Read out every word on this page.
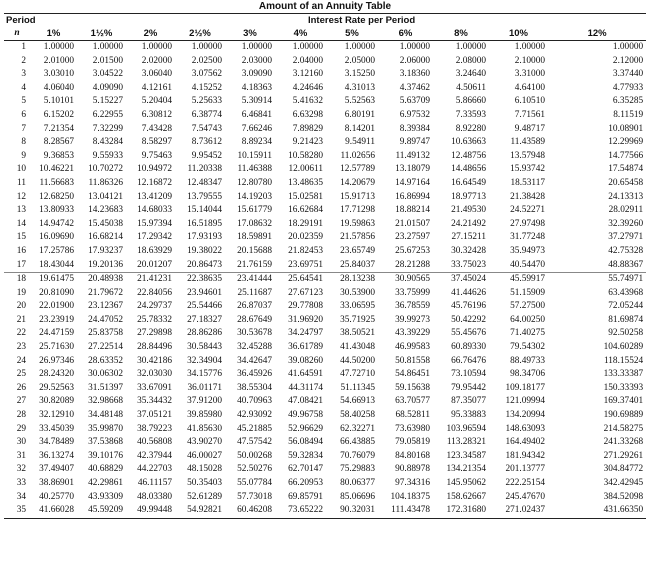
Amount of an Annuity Table
Period		Interest Rate per Period									
n	1%	1½%	2%	2½%	3%	4%	5%	6%	8%	10%	12%
1	1.00000	1.00000	1.00000	1.00000	1.00000	1.00000	1.00000	1.00000	1.00000	1.00000	1.00000
2	2.01000	2.01500	2.02000	2.02500	2.03000	2.04000	2.05000	2.06000	2.08000	2.10000	2.12000
3	3.03010	3.04522	3.06040	3.07562	3.09090	3.12160	3.15250	3.18360	3.24640	3.31000	3.37440
4	4.06040	4.09090	4.12161	4.15252	4.18363	4.24646	4.31013	4.37462	4.50611	4.64100	4.77933
5	5.10101	5.15227	5.20404	5.25633	5.30914	5.41632	5.52563	5.63709	5.86660	6.10510	6.35285
6	6.15202	6.22955	6.30812	6.38774	6.46841	6.63298	6.80191	6.97532	7.33593	7.71561	8.11519
7	7.21354	7.32299	7.43428	7.54743	7.66246	7.89829	8.14201	8.39384	8.92280	9.48717	10.08901
8	8.28567	8.43284	8.58297	8.73612	8.89234	9.21423	9.54911	9.89747	10.63663	11.43589	12.29969
9	9.36853	9.55933	9.75463	9.95452	10.15911	10.58280	11.02656	11.49132	12.48756	13.57948	14.77566
10	10.46221	10.70272	10.94972	11.20338	11.46388	12.00611	12.57789	13.18079	14.48656	15.93742	17.54874
11	11.56683	11.86326	12.16872	12.48347	12.80780	13.48635	14.20679	14.97164	16.64549	18.53117	20.65458
12	12.68250	13.04121	13.41209	13.79555	14.19203	15.02581	15.91713	16.86994	18.97713	21.38428	24.13313
13	13.80933	14.23683	14.68033	15.14044	15.61779	16.62684	17.71298	18.88214	21.49530	24.52271	28.02911
14	14.94742	15.45038	15.97394	16.51895	17.08632	18.29191	19.59863	21.01507	24.21492	27.97498	32.39260
15	16.09690	16.68214	17.29342	17.93193	18.59891	20.02359	21.57856	23.27597	27.15211	31.77248	37.27971
16	17.25786	17.93237	18.63929	19.38022	20.15688	21.82453	23.65749	25.67253	30.32428	35.94973	42.75328
17	18.43044	19.20136	20.01207	20.86473	21.76159	23.69751	25.84037	28.21288	33.75023	40.54470	48.88367
18	19.61475	20.48938	21.41231	22.38635	23.41444	25.64541	28.13238	30.90565	37.45024	45.59917	55.74971
19	20.81090	21.79672	22.84056	23.94601	25.11687	27.67123	30.53900	33.75999	41.44626	51.15909	63.43968
20	22.01900	23.12367	24.29737	25.54466	26.87037	29.77808	33.06595	36.78559	45.76196	57.27500	72.05244
21	23.23919	24.47052	25.78332	27.18327	28.67649	31.96920	35.71925	39.99273	50.42292	64.00250	81.69874
22	24.47159	25.83758	27.29898	28.86286	30.53678	34.24797	38.50521	43.39229	55.45676	71.40275	92.50258
23	25.71630	27.22514	28.84496	30.58443	32.45288	36.61789	41.43048	46.99583	60.89330	79.54302	104.60289
24	26.97346	28.63352	30.42186	32.34904	34.42647	39.08260	44.50200	50.81558	66.76476	88.49733	118.15524
25	28.24320	30.06302	32.03030	34.15776	36.45926	41.64591	47.72710	54.86451	73.10594	98.34706	133.33387
26	29.52563	31.51397	33.67091	36.01171	38.55304	44.31174	51.11345	59.15638	79.95442	109.18177	150.33393
27	30.82089	32.98668	35.34432	37.91200	40.70963	47.08421	54.66913	63.70577	87.35077	121.09994	169.37401
28	32.12910	34.48148	37.05121	39.85980	42.93092	49.96758	58.40258	68.52811	95.33883	134.20994	190.69889
29	33.45039	35.99870	38.79223	41.85630	45.21885	52.96629	62.32271	73.63980	103.96594	148.63093	214.58275
30	34.78489	37.53868	40.56808	43.90270	47.57542	56.08494	66.43885	79.05819	113.28321	164.49402	241.33268
31	36.13274	39.10176	42.37944	46.00027	50.00268	59.32834	70.76079	84.80168	123.34587	181.94342	271.29261
32	37.49407	40.68829	44.22703	48.15028	52.50276	62.70147	75.29883	90.88978	134.21354	201.13777	304.84772
33	38.86901	42.29861	46.11157	50.35403	55.07784	66.20953	80.06377	97.34316	145.95062	222.25154	342.42945
34	40.25770	43.93309	48.03380	52.61289	57.73018	69.85791	85.06696	104.18375	158.62667	245.47670	384.52098
35	41.66028	45.59209	49.99448	54.92821	60.46208	73.65222	90.32031	111.43478	172.31680	271.02437	431.66350
